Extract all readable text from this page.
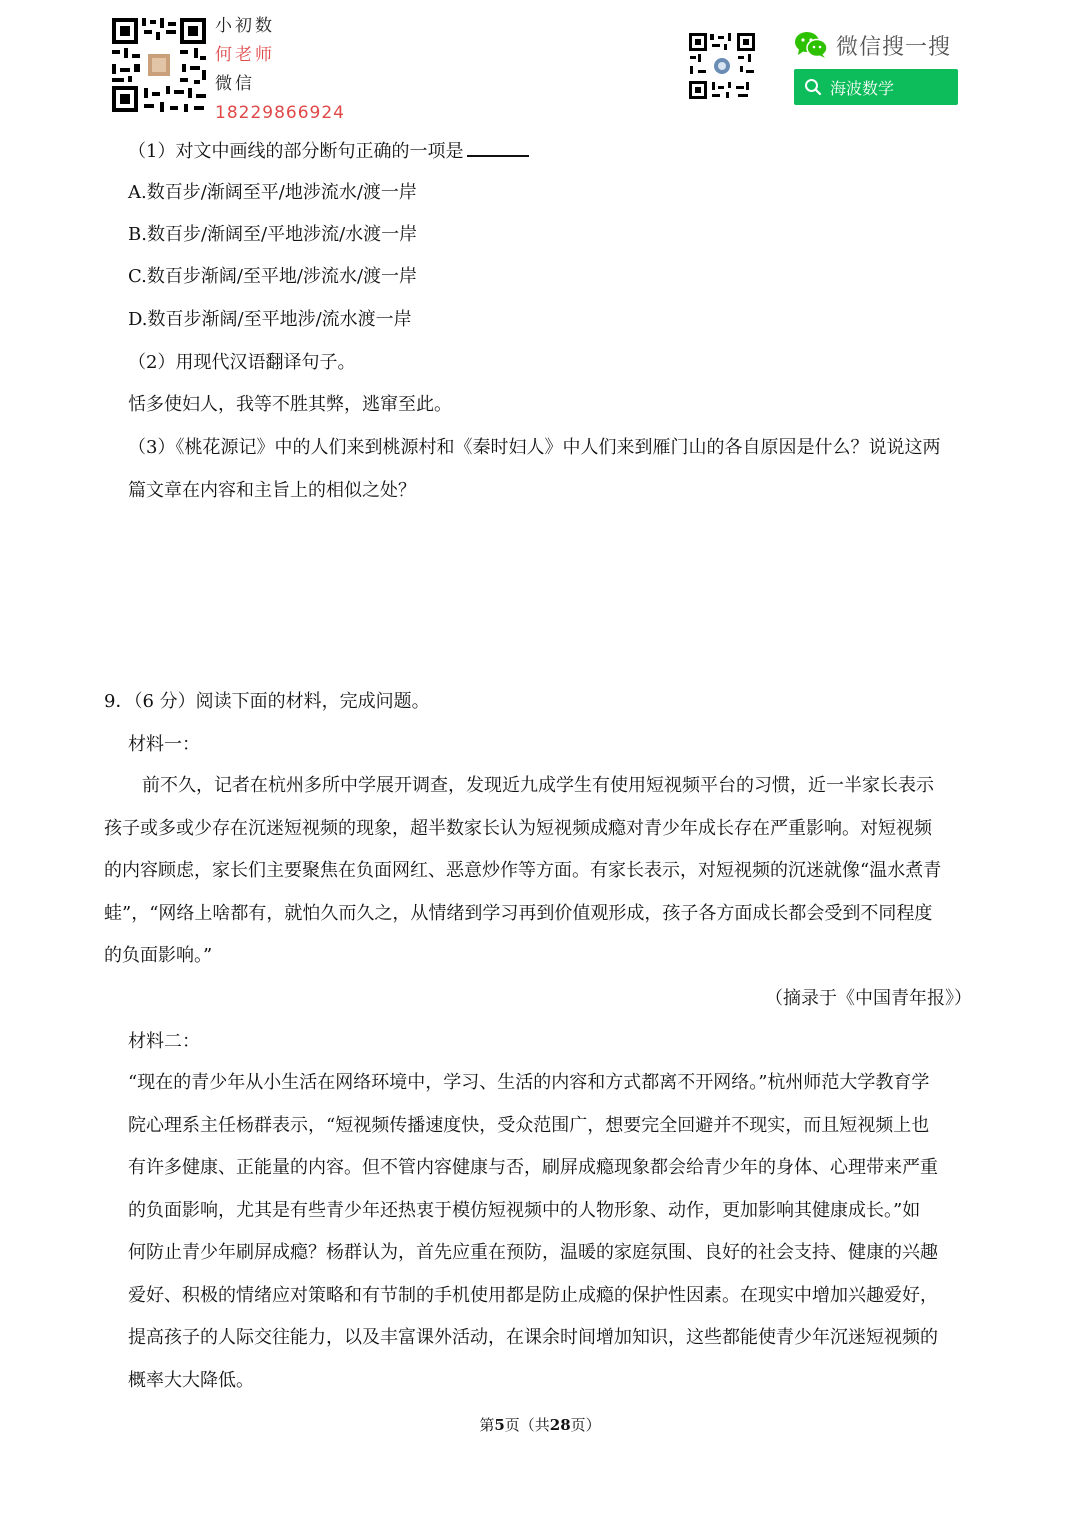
小初数
何老师
微信
18229866924
微信搜一搜
海波数学
（1）对文中画线的部分断句正确的一项是
A.数百步/渐阔至平/地涉流水/渡一岸
B.数百步/渐阔至/平地涉流/水渡一岸
C.数百步渐阔/至平地/涉流水/渡一岸
D.数百步渐阔/至平地涉/流水渡一岸
（2）用现代汉语翻译句子。
恬多使妇人，我等不胜其弊，逃窜至此。
（3）《桃花源记》中的人们来到桃源村和《秦时妇人》中人们来到雁门山的各自原因是什么？说说这两
篇文章在内容和主旨上的相似之处？
9．（6 分）阅读下面的材料，完成问题。
材料一：
前不久，记者在杭州多所中学展开调查，发现近九成学生有使用短视频平台的习惯，近一半家长表示
孩子或多或少存在沉迷短视频的现象，超半数家长认为短视频成瘾对青少年成长存在严重影响。对短视频
的内容顾虑，家长们主要聚焦在负面网红、恶意炒作等方面。有家长表示，对短视频的沉迷就像“温水煮青
蛙”，“网络上啥都有，就怕久而久之，从情绪到学习再到价值观形成，孩子各方面成长都会受到不同程度
的负面影响。”
（摘录于《中国青年报》）
材料二：
“现在的青少年从小生活在网络环境中，学习、生活的内容和方式都离不开网络。”杭州师范大学教育学
院心理系主任杨群表示，“短视频传播速度快，受众范围广，想要完全回避并不现实，而且短视频上也
有许多健康、正能量的内容。但不管内容健康与否，刷屏成瘾现象都会给青少年的身体、心理带来严重
的负面影响，尤其是有些青少年还热衷于模仿短视频中的人物形象、动作，更加影响其健康成长。”如
何防止青少年刷屏成瘾？杨群认为，首先应重在预防，温暖的家庭氛围、良好的社会支持、健康的兴趣
爱好、积极的情绪应对策略和有节制的手机使用都是防止成瘾的保护性因素。在现实中增加兴趣爱好，
提高孩子的人际交往能力，以及丰富课外活动，在课余时间增加知识，这些都能使青少年沉迷短视频的
概率大大降低。
第5页（共28页）
